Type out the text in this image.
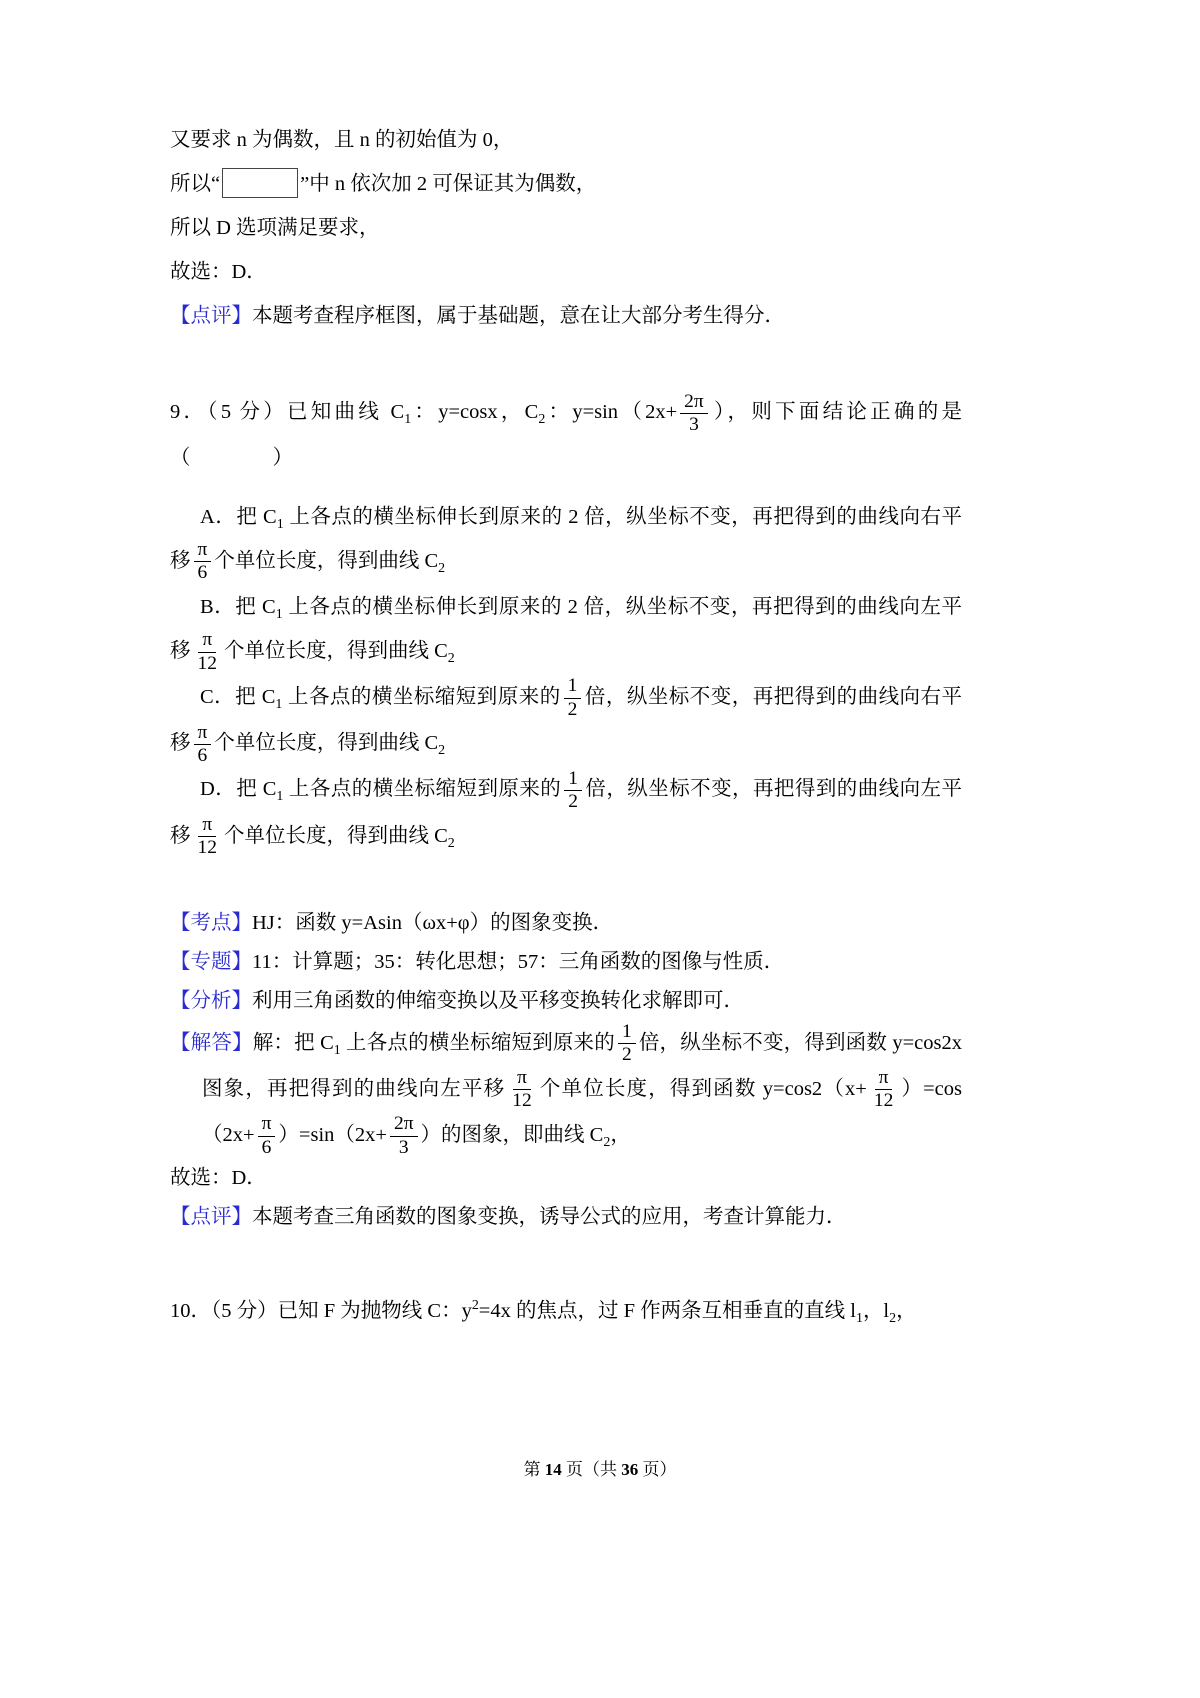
又要求 n 为偶数，且 n 的初始值为 0，

所以“	”中 n 依次加 2 可保证其为偶数，

所以 D 选项满足要求，

故选：D．

【点评】本题考查程序框图，属于基础题，意在让大部分考生得分．

9．（5 分）已知曲线 $C_1$：y=cosx，$C_2$：$y=\sin(2x+ \frac{2\pi}{3}$ ），则下面结论正确的是（　　　　）

A．把 $C_1$ 上各点的横坐标伸长到原来的 2 倍，纵坐标不变，再把得到的曲线向右平移 $\frac{\pi}{6}$ 个单位长度，得到曲线 $C_2$

B．把 $C_1$ 上各点的横坐标伸长到原来的 2 倍，纵坐标不变，再把得到的曲线向左平移 $\frac{\pi}{12}$ 个单位长度，得到曲线 $C_2$

C．把 $C_1$ 上各点的横坐标缩短到原来的 $\frac{1}{2}$ 倍，纵坐标不变，再把得到的曲线向右平移 $\frac{\pi}{6}$ 个单位长度，得到曲线 $C_2$

D．把 $C_1$ 上各点的横坐标缩短到原来的 $\frac{1}{2}$ 倍，纵坐标不变，再把得到的曲线向左平移 $\frac{\pi}{12}$ 个单位长度，得到曲线 $C_2$

【考点】HJ：函数 y=Asin（ωx+φ）的图象变换．

【专题】11：计算题；35：转化思想；57：三角函数的图像与性质．

【分析】利用三角函数的伸缩变换以及平移变换转化求解即可．

【解答】解：把 $C_1$ 上各点的横坐标缩短到原来的 $\frac{1}{2}$ 倍，纵坐标不变，得到函数 y=cos2x 图象，再把得到的曲线向左平移 $\frac{\pi}{12}$ 个单位长度，得到函数 $y=\cos 2(x+ \frac{\pi}{12} )=\cos(2x+ \frac{\pi}{6} )=\sin(2x+ \frac{2\pi}{3}$ ）的图象，即曲线 $C_2$，

故选：D．

【点评】本题考查三角函数的图象变换，诱导公式的应用，考查计算能力．

10．（5 分）已知 F 为抛物线 C：$y^2=4x$ 的焦点，过 F 作两条互相垂直的直线 $l_1$，$l_2$，

第 14 页（共 36 页）
